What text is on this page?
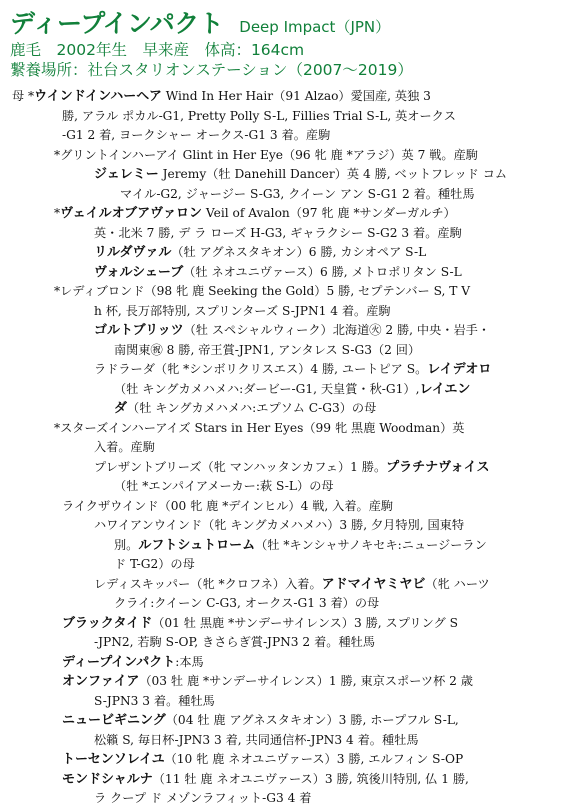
ディープインパクト Deep Impact（JPN）
鹿毛　2002年生　早来産　体高：164cm
繋養場所：社台スタリオンステーション（2007〜2019）
母 *ウインドインハーヘア Wind In Her Hair（91 Alzao）愛国産, 英独 3
勝, アラル ポカル-G1, Pretty Polly S-L, Fillies Trial S-L, 英オークス
-G1 2 着, ヨークシャー オークス-G1 3 着。産駒
*グリントインハーアイ Glint in Her Eye（96 牝 鹿 *アラジ）英 7 戦。産駒
ジェレミー Jeremy（牡 Danehill Dancer）英 4 勝, ベットフレッド コム
マイル-G2, ジャージー S-G3, クイーン アン S-G1 2 着。種牡馬
*ヴェイルオブアヴァロン Veil of Avalon（97 牝 鹿 *サンダーガルチ）
英・北米 7 勝, デ ラ ローズ H-G3, ギャラクシー S-G2 3 着。産駒
リルダヴァル（牡 アグネスタキオン）6 勝, カシオペア S-L
ヴォルシェーブ（牡 ネオユニヴァース）6 勝, メトロポリタン S-L
*レディブロンド（98 牝 鹿 Seeking the Gold）5 勝, セプテンバー S, T V
h 杯, 長万部特別, スプリンターズ S-JPN1 4 着。産駒
ゴルトブリッツ（牡 スペシャルウィーク）北海道㊋ 2 勝, 中央・岩手・
南関東㊗ 8 勝, 帝王賞-JPN1, アンタレス S-G3（2 回）
ラドラーダ（牝 *シンボリクリスエス）4 勝, ユートピア S。レイデオロ
（牡 キングカメハメハ:ダービー-G1, 天皇賞・秋-G1）,レイエン
ダ（牡 キングカメハメハ:エプソム C-G3）の母
*スターズインハーアイズ Stars in Her Eyes（99 牝 黒鹿 Woodman）英
入着。産駒
プレザントブリーズ（牝 マンハッタンカフェ）1 勝。プラチナヴォイス
（牡 *エンパイアメーカー:萩 S-L）の母
ライクザウインド（00 牝 鹿 *デインヒル）4 戦, 入着。産駒
ハワイアンウインド（牝 キングカメハメハ）3 勝, 夕月特別, 国東特
別。ルフトシュトローム（牡 *キンシャサノキセキ:ニュージーラン
ド T-G2）の母
レディスキッパー（牝 *クロフネ）入着。アドマイヤミヤビ（牝 ハーツ
クライ:クイーン C-G3, オークス-G1 3 着）の母
ブラックタイド（01 牡 黒鹿 *サンデーサイレンス）3 勝, スプリング S
-JPN2, 若駒 S-OP, きさらぎ賞-JPN3 2 着。種牡馬
ディープインパクト:本馬
オンファイア（03 牡 鹿 *サンデーサイレンス）1 勝, 東京スポーツ杯 2 歳
S-JPN3 3 着。種牡馬
ニュービギニング（04 牡 鹿 アグネスタキオン）3 勝, ホープフル S-L,
松籟 S, 毎日杯-JPN3 3 着, 共同通信杯-JPN3 4 着。種牡馬
トーセンソレイユ（10 牝 鹿 ネオユニヴァース）3 勝, エルフィン S-OP
モンドシャルナ（11 牡 鹿 ネオユニヴァース）3 勝, 筑後川特別, 仏 1 勝,
ラ クープ ド メゾンラフィット-G3 4 着
